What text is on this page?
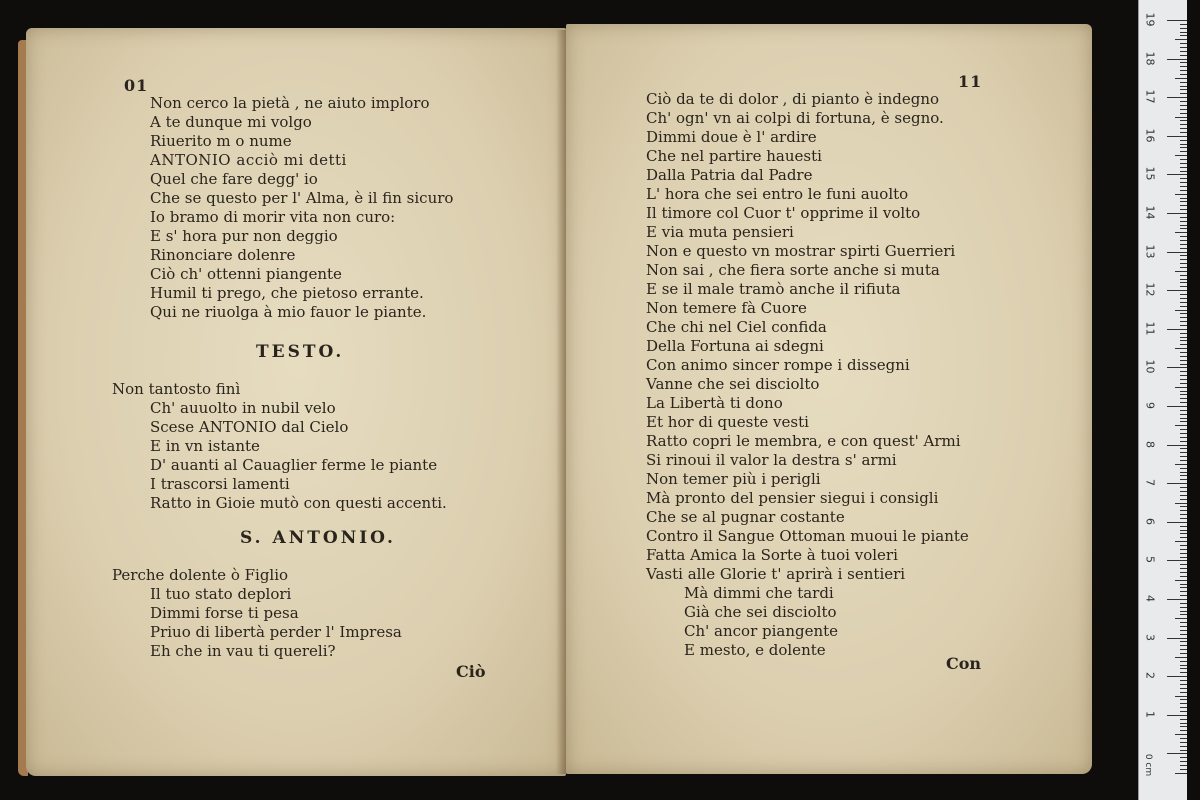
01
Non cerco la pietà , ne aiuto imploro
A te dunque mi volgo
Riuerito m o nume
ANTONIO acciò mi detti
Quel che fare degg' io
Che se questo per l' Alma, è il fin sicuro
Io bramo di morir vita non curo:
E s' hora pur non deggio
Rinonciare dolenre
Ciò ch' ottenni piangente
Humil ti prego, che pietoso errante.
Qui ne riuolga à mio fauor le piante.
TESTO.
Non tantosto finì
Ch' auuolto in nubil velo
Scese ANTONIO dal Cielo
E in vn istante
D' auanti al Cauaglier ferme le piante
I trascorsi lamenti
Ratto in Gioie mutò con questi accenti.
S. ANTONIO.
Perche dolente ò Figlio
Il tuo stato deplori
Dimmi forse ti pesa
Priuo di libertà perder l' Impresa
Eh che in vau ti quereli?
Ciò
11
Ciò da te di dolor , di pianto è indegno
Ch' ogn' vn ai colpi di fortuna, è segno.
Dimmi doue è l' ardire
Che nel partire hauesti
Dalla Patria dal Padre
L' hora che sei entro le funi auolto
Il timore col Cuor t' opprime il volto
E via muta pensieri
Non e questo vn mostrar spirti Guerrieri
Non sai , che fiera sorte anche si muta
E se il male tramò anche il rifiuta
Non temere fà Cuore
Che chi nel Ciel confida
Della Fortuna ai sdegni
Con animo sincer rompe i dissegni
Vanne che sei disciolto
La Libertà ti dono
Et hor di queste vesti
Ratto copri le membra, e con quest' Armi
Si rinoui il valor la destra s' armi
Non temer più i perigli
Mà pronto del pensier siegui i consigli
Che se al pugnar costante
Contro il Sangue Ottoman muoui le piante
Fatta Amica la Sorte à tuoi voleri
Vasti alle Glorie t' aprirà i sentieri
Mà dimmi che tardi
Già che sei disciolto
Ch' ancor piangente
E mesto, e dolente
Con
0 cm
19
18
17
16
15
14
13
12
11
10
9
8
7
6
5
4
3
2
1
